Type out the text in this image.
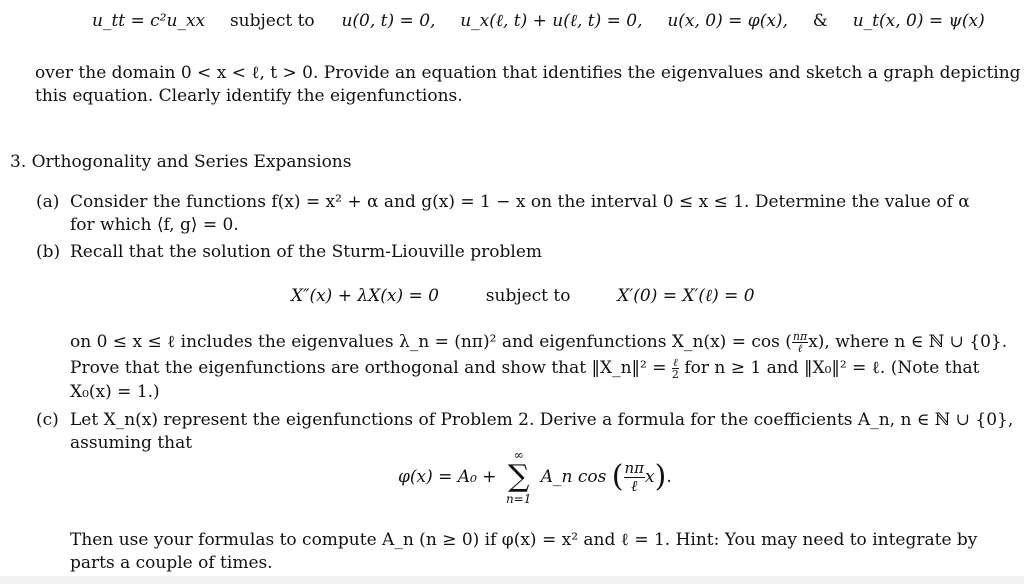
u_tt = c²u_xx subject to u(0, t) = 0, u_x(ℓ, t) + u(ℓ, t) = 0, u(x, 0) = φ(x), & u_t(x, 0) = ψ(x)
over the domain 0 < x < ℓ, t > 0. Provide an equation that identifies the eigenvalues and sketch a graph depicting
this equation. Clearly identify the eigenfunctions.
3. Orthogonality and Series Expansions
(a) Consider the functions f(x) = x² + α and g(x) = 1 − x on the interval 0 ≤ x ≤ 1. Determine the value of α
for which ⟨f, g⟩ = 0.
(b) Recall that the solution of the Sturm-Liouville problem
X″(x) + λX(x) = 0	subject to	X′(0) = X′(ℓ) = 0
on 0 ≤ x ≤ ℓ includes the eigenvalues λ_n = (nπ)² and eigenfunctions X_n(x) = cos ( $\frac{n\pi}{\text{ℓ}} x$), where n ∈ ℕ ∪ {0}.
Prove that the eigenfunctions are orthogonal and show that ‖X_n‖² = $\frac{\text{ℓ}}{2}$ for n ≥ 1 and ‖X₀‖² = ℓ. (Note that
X₀(x) = 1.)
(c) Let X_n(x) represent the eigenfunctions of Problem 2. Derive a formula for the coefficients A_n, n ∈ ℕ ∪ {0},
assuming that
φ(x) = A₀ +
∞
∑
n=1
A_n cos ( $\frac{n\pi}{\text{ℓ}} x$).
Then use your formulas to compute A_n (n ≥ 0) if φ(x) = x² and ℓ = 1. Hint: You may need to integrate by
parts a couple of times.
